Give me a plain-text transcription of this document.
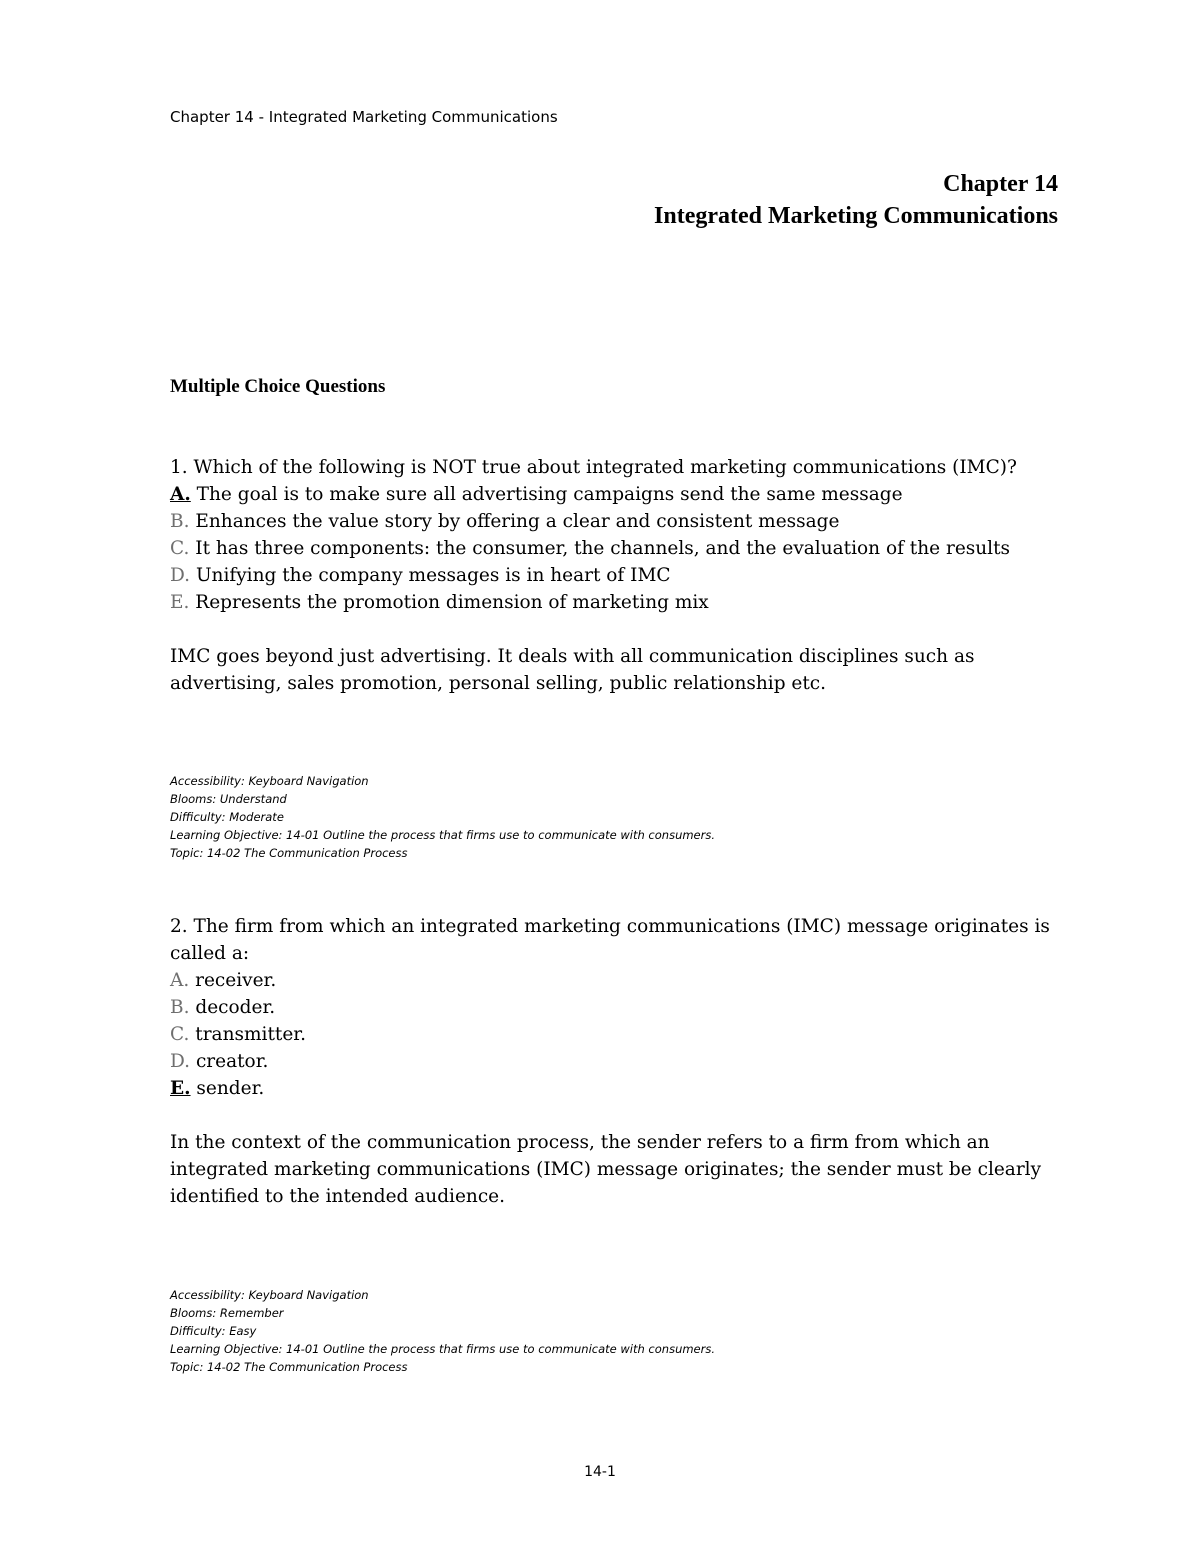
Chapter 14 - Integrated Marketing Communications
Chapter 14
Integrated Marketing Communications
Multiple Choice Questions

1. Which of the following is NOT true about integrated marketing communications (IMC)?

A. The goal is to make sure all advertising campaigns send the same message

B. Enhances the value story by offering a clear and consistent message

C. It has three components: the consumer, the channels, and the evaluation of the results

D. Unifying the company messages is in heart of IMC

E. Represents the promotion dimension of marketing mix

IMC goes beyond just advertising. It deals with all communication disciplines such as advertising, sales promotion, personal selling, public relationship etc.

Accessibility: Keyboard Navigation
Blooms: Understand
Difficulty: Moderate
Learning Objective: 14-01 Outline the process that firms use to communicate with consumers.
Topic: 14-02 The Communication Process

2. The firm from which an integrated marketing communications (IMC) message originates is called a:

A. receiver.

B. decoder.

C. transmitter.

D. creator.

E. sender.

In the context of the communication process, the sender refers to a firm from which an integrated marketing communications (IMC) message originates; the sender must be clearly identified to the intended audience.

Accessibility: Keyboard Navigation
Blooms: Remember
Difficulty: Easy
Learning Objective: 14-01 Outline the process that firms use to communicate with consumers.
Topic: 14-02 The Communication Process
14-1
